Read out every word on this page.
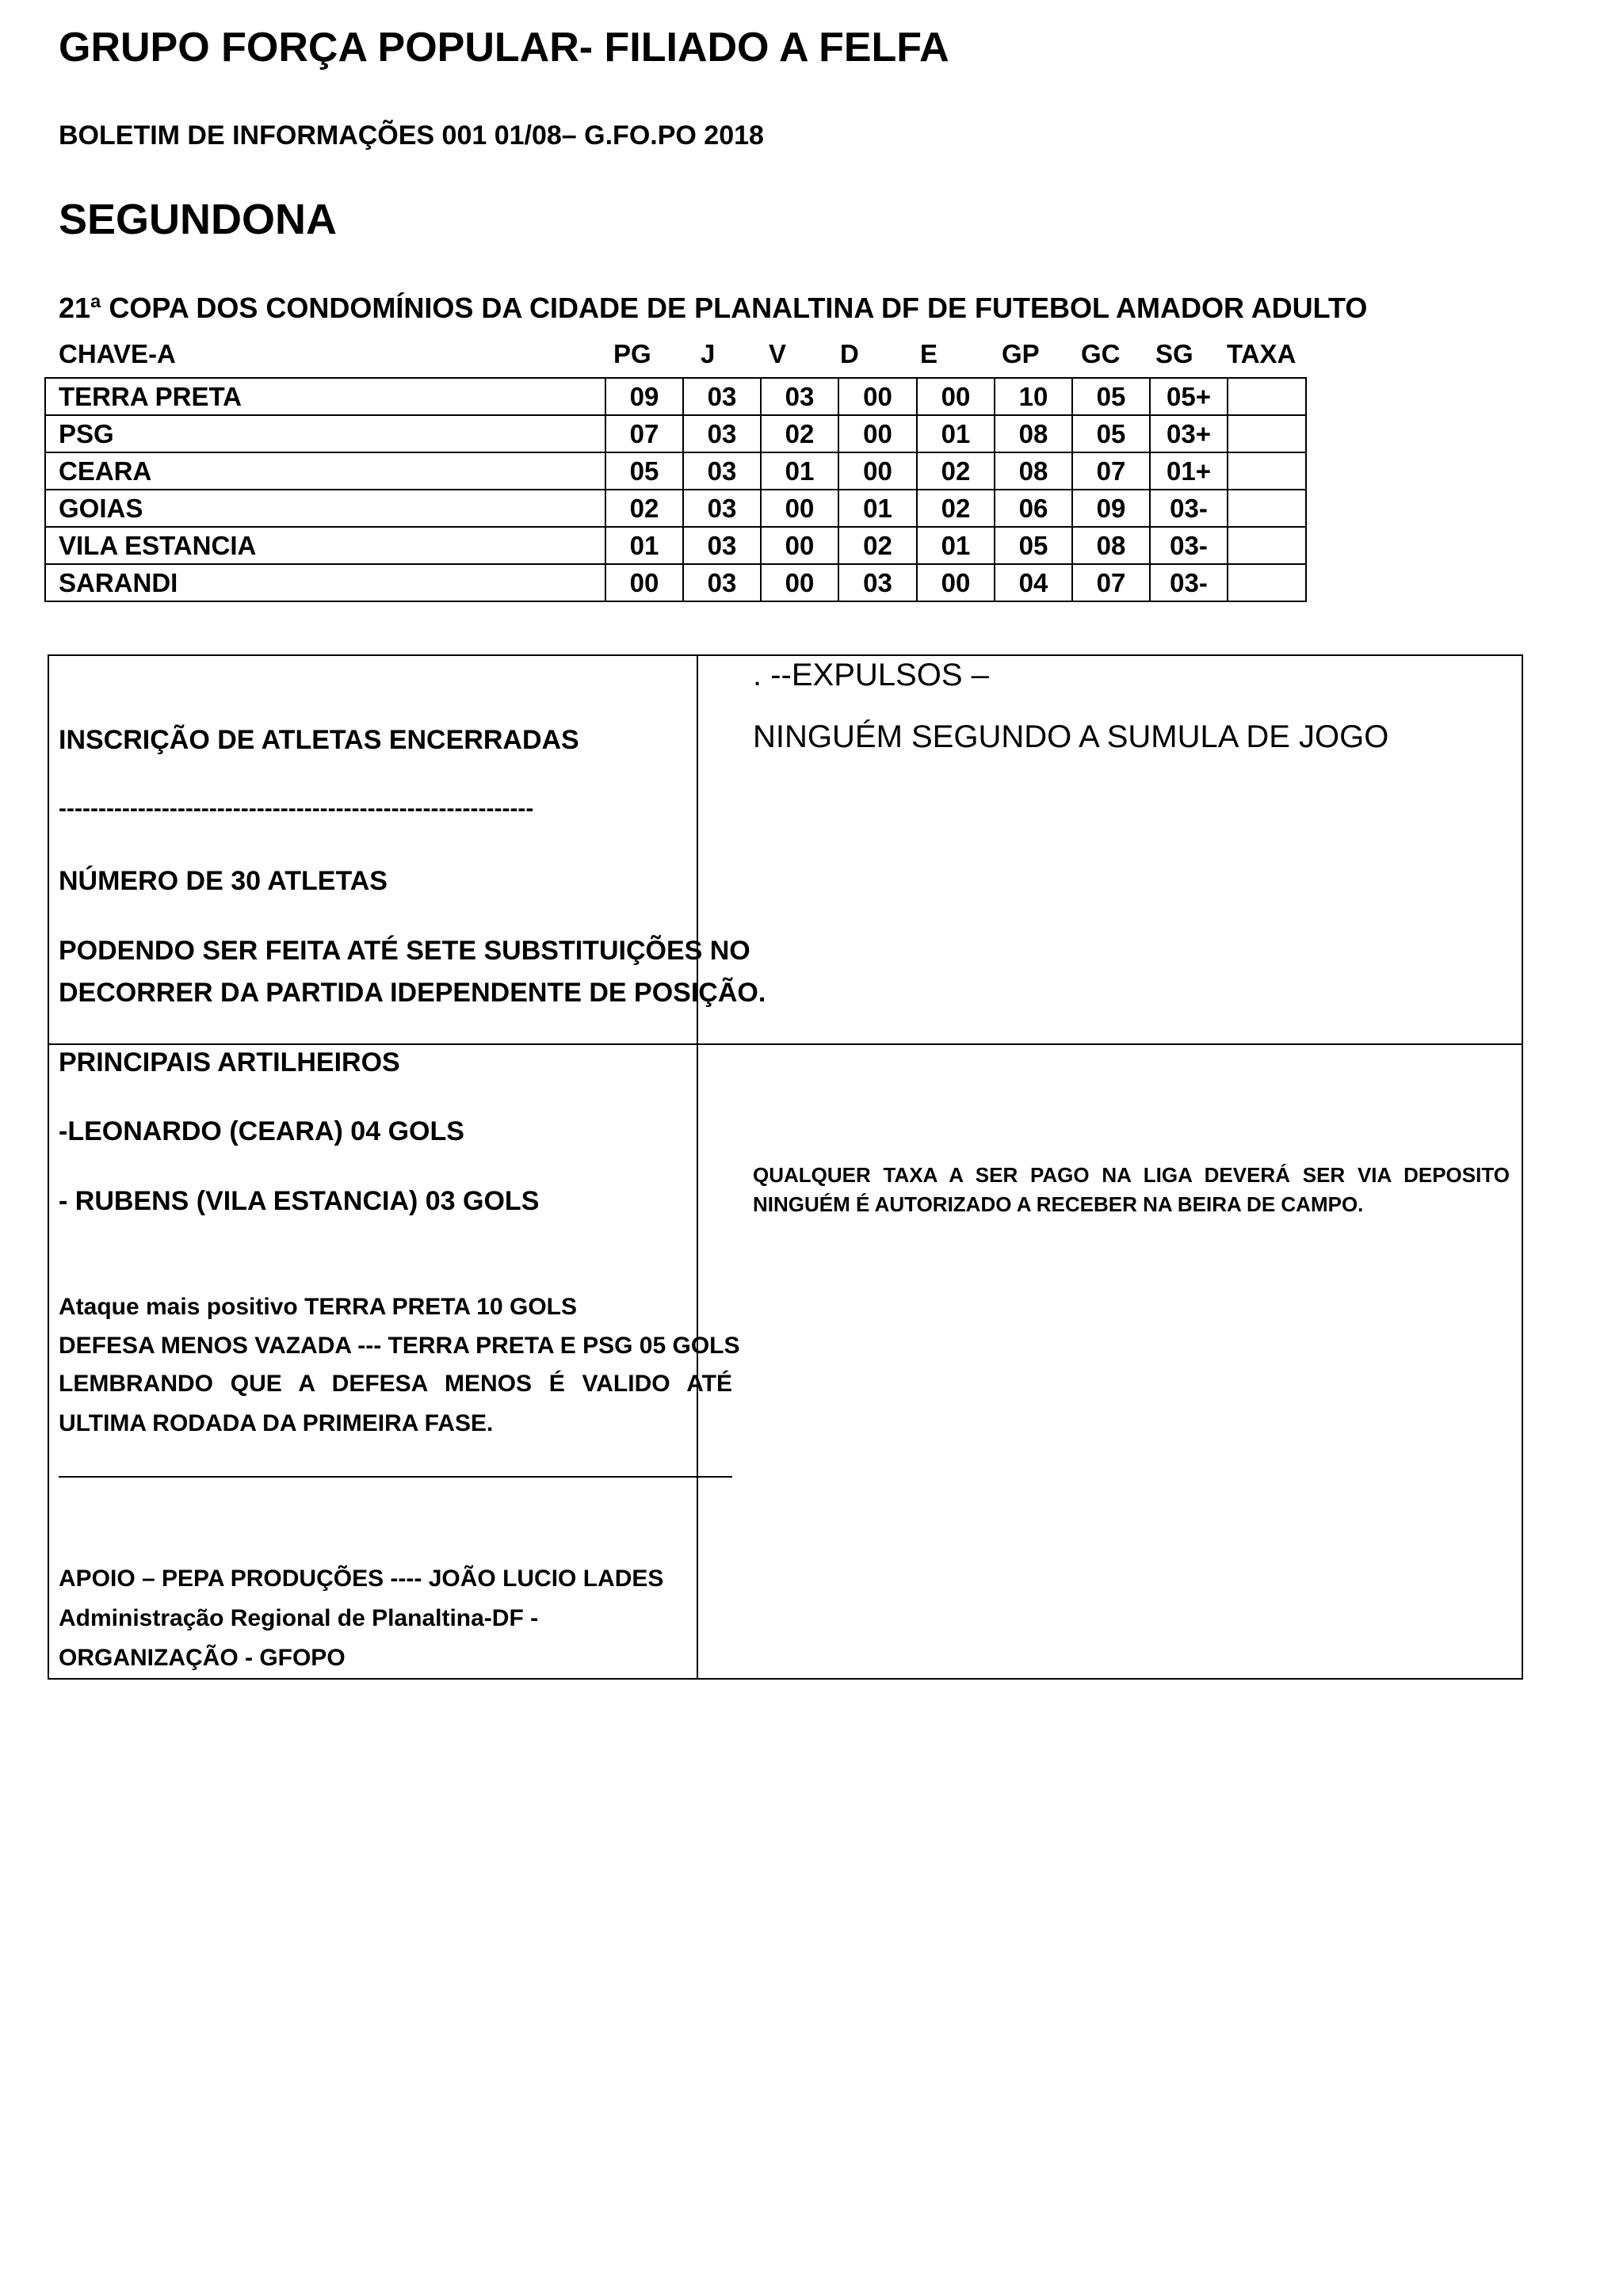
GRUPO FORÇA POPULAR- FILIADO A FELFA
BOLETIM DE INFORMAÇÕES 001 01/08– G.FO.PO 2018
SEGUNDONA
21ª COPA DOS CONDOMÍNIOS DA CIDADE DE PLANALTINA DF DE FUTEBOL AMADOR ADULTO
CHAVE-A	PG J V D E GP GC SG TAXA
TERRA PRETA	09	03	03	00	00	10	05	05+	
PSG	07	03	02	00	01	08	05	03+	
CEARA	05	03	01	00	02	08	07	01+	
GOIAS	02	03	00	01	02	06	09	03-	
VILA ESTANCIA	01	03	00	02	01	05	08	03-	
SARANDI	00	03	00	03	00	04	07	03-	
INSCRIÇÃO DE ATLETAS ENCERRADAS
------------------------------------------------------------
NÚMERO DE 30 ATLETAS
PODENDO SER FEITA ATÉ SETE SUBSTITUIÇÕES NO
DECORRER DA PARTIDA IDEPENDENTE DE POSIÇÃO.
. --EXPULSOS –
NINGUÉM SEGUNDO A SUMULA DE JOGO
PRINCIPAIS ARTILHEIROS
-LEONARDO (CEARA) 04 GOLS
- RUBENS (VILA ESTANCIA) 03 GOLS
Ataque mais positivo TERRA PRETA 10 GOLS
DEFESA MENOS VAZADA --- TERRA PRETA E PSG 05 GOLS
LEMBRANDO QUE A DEFESA MENOS É VALIDO ATÉ
ULTIMA RODADA DA PRIMEIRA FASE.
APOIO – PEPA PRODUÇÕES ---- JOÃO LUCIO LADES
Administração Regional de Planaltina-DF -
ORGANIZAÇÃO - GFOPO
QUALQUER TAXA A SER PAGO NA LIGA DEVERÁ SER VIA DEPOSITO
NINGUÉM É AUTORIZADO A RECEBER NA BEIRA DE CAMPO.
